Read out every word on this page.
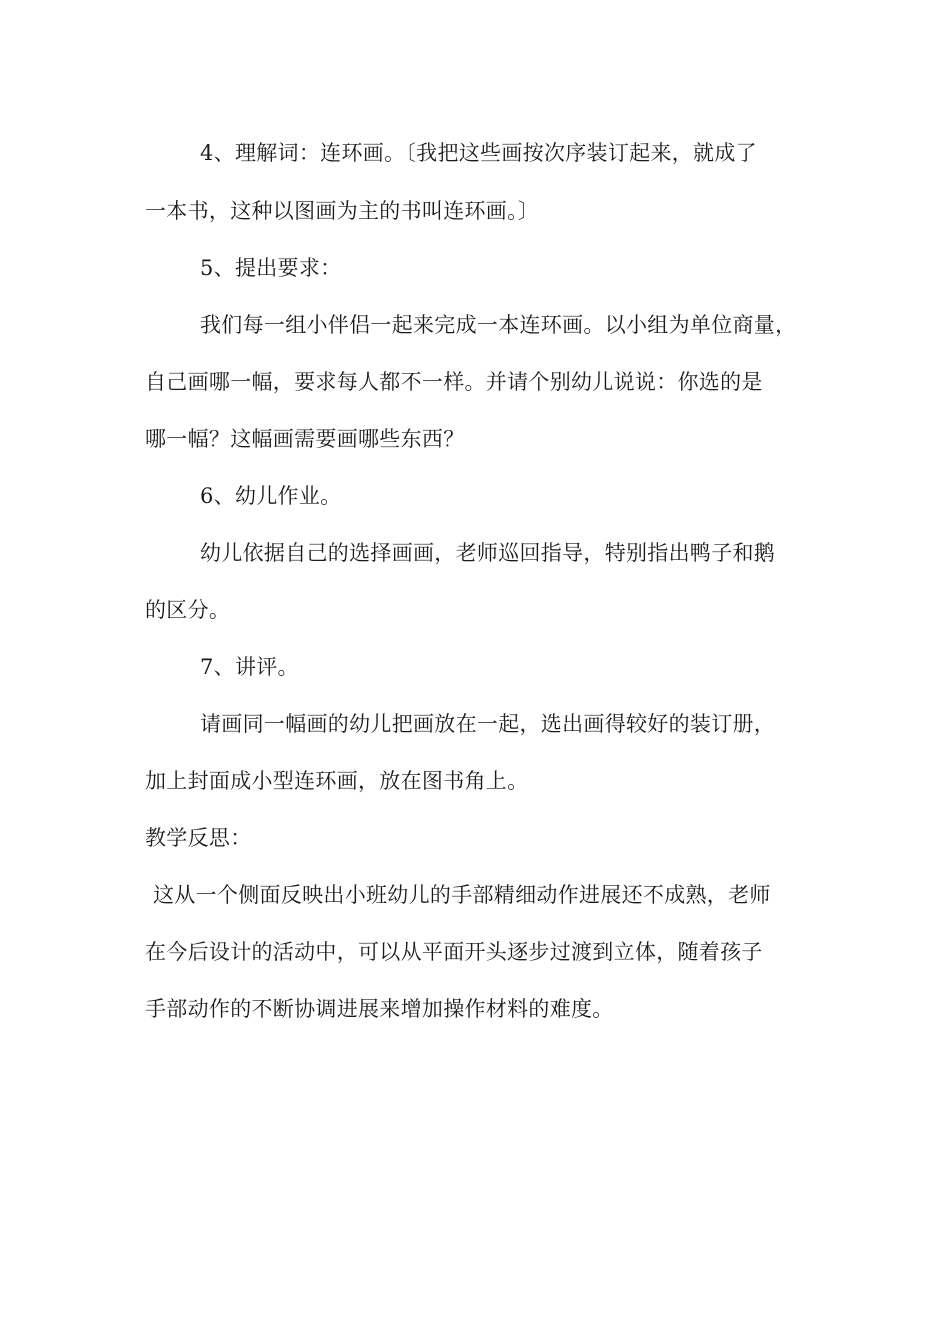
4、理解词：连环画。〔我把这些画按次序装订起来，就成了
一本书，这种以图画为主的书叫连环画。〕
5、提出要求：
我们每一组小伴侣一起来完成一本连环画。以小组为单位商量，
自己画哪一幅，要求每人都不一样。并请个别幼儿说说：你选的是
哪一幅？这幅画需要画哪些东西？
6、幼儿作业。
幼儿依据自己的选择画画，老师巡回指导，特别指出鸭子和鹅
的区分。
7、讲评。
请画同一幅画的幼儿把画放在一起，选出画得较好的装订册，
加上封面成小型连环画，放在图书角上。
教学反思：
这从一个侧面反映出小班幼儿的手部精细动作进展还不成熟，老师
在今后设计的活动中，可以从平面开头逐步过渡到立体，随着孩子
手部动作的不断协调进展来增加操作材料的难度。
